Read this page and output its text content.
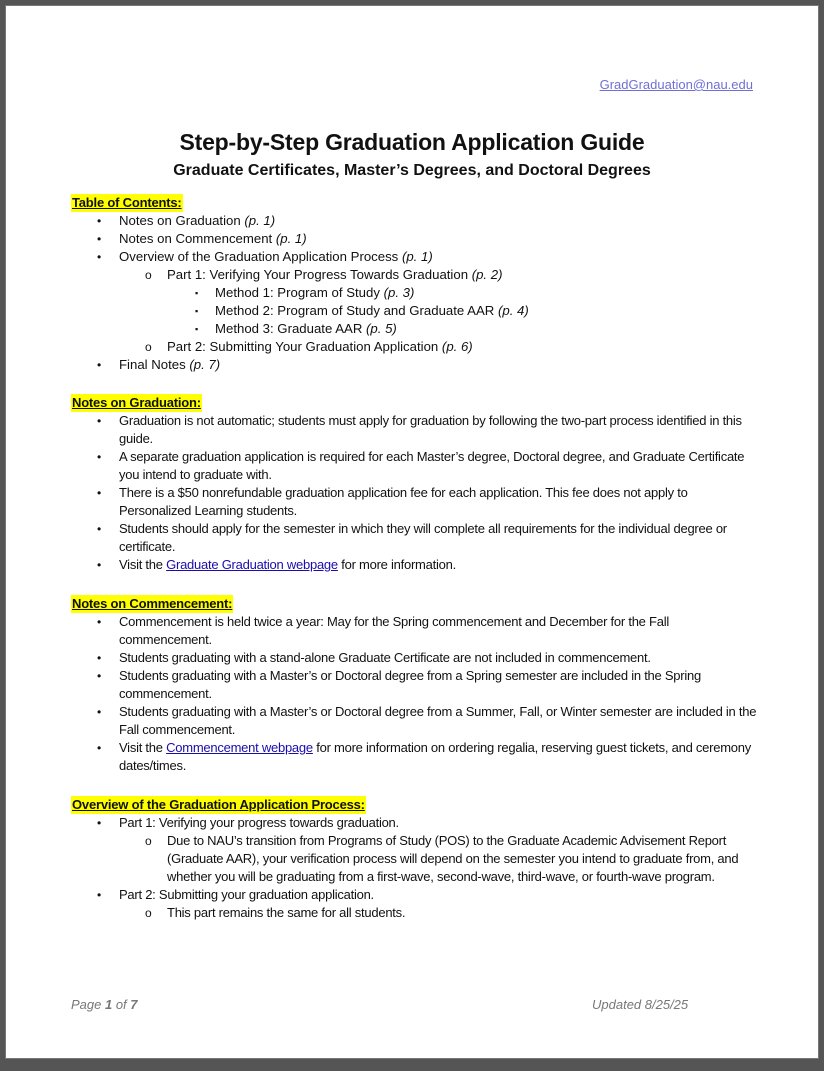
GradGraduation@nau.edu
Step-by-Step Graduation Application Guide
Graduate Certificates, Master’s Degrees, and Doctoral Degrees
Table of Contents:
• Notes on Graduation (p. 1)
• Notes on Commencement (p. 1)
• Overview of the Graduation Application Process (p. 1)
o Part 1: Verifying Your Progress Towards Graduation (p. 2)
▪ Method 1: Program of Study (p. 3)
▪ Method 2: Program of Study and Graduate AAR (p. 4)
▪ Method 3: Graduate AAR (p. 5)
o Part 2: Submitting Your Graduation Application (p. 6)
• Final Notes (p. 7)
Notes on Graduation:
• Graduation is not automatic; students must apply for graduation by following the two-part process identified in this guide.
• A separate graduation application is required for each Master’s degree, Doctoral degree, and Graduate Certificate you intend to graduate with.
• There is a $50 nonrefundable graduation application fee for each application. This fee does not apply to Personalized Learning students.
• Students should apply for the semester in which they will complete all requirements for the individual degree or certificate.
• Visit the Graduate Graduation webpage for more information.
Notes on Commencement:
• Commencement is held twice a year: May for the Spring commencement and December for the Fall commencement.
• Students graduating with a stand-alone Graduate Certificate are not included in commencement.
• Students graduating with a Master’s or Doctoral degree from a Spring semester are included in the Spring commencement.
• Students graduating with a Master’s or Doctoral degree from a Summer, Fall, or Winter semester are included in the Fall commencement.
• Visit the Commencement webpage for more information on ordering regalia, reserving guest tickets, and ceremony dates/times.
Overview of the Graduation Application Process:
• Part 1: Verifying your progress towards graduation.
o Due to NAU’s transition from Programs of Study (POS) to the Graduate Academic Advisement Report (Graduate AAR), your verification process will depend on the semester you intend to graduate from, and whether you will be graduating from a first-wave, second-wave, third-wave, or fourth-wave program.
• Part 2: Submitting your graduation application.
o This part remains the same for all students.
Page 1 of 7	Updated 8/25/25
